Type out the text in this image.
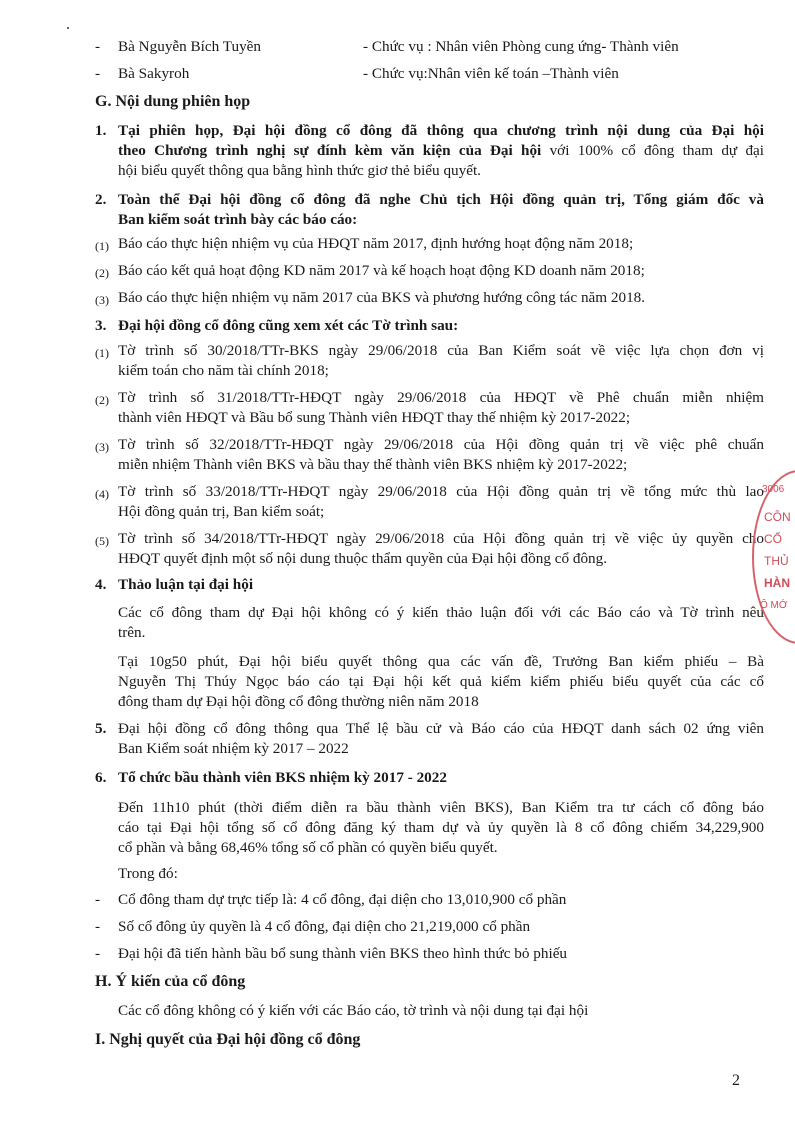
- Bà Nguyễn Bích Tuyền	- Chức vụ : Nhân viên Phòng cung ứng- Thành viên
- Bà Sakyroh	- Chức vụ:Nhân viên kế toán –Thành viên
G. Nội dung phiên họp
1. Tại phiên họp, Đại hội đồng cổ đông đã thông qua chương trình nội dung của Đại hội
theo Chương trình nghị sự đính kèm văn kiện của Đại hội với 100% cổ đông tham dự đại
hội biểu quyết thông qua bằng hình thức giơ thẻ biểu quyết.
2. Toàn thể Đại hội đồng cổ đông đã nghe Chủ tịch Hội đồng quản trị, Tổng giám đốc và
Ban kiểm soát trình bày các báo cáo:
(1) Báo cáo thực hiện nhiệm vụ của HĐQT năm 2017, định hướng hoạt động năm 2018;
(2) Báo cáo kết quả hoạt động KD năm 2017 và kế hoạch hoạt động KD doanh năm 2018;
(3) Báo cáo thực hiện nhiệm vụ năm 2017 của BKS và phương hướng công tác năm 2018.
3. Đại hội đồng cổ đông cũng xem xét các Tờ trình sau:
(1) Tờ trình số 30/2018/TTr-BKS ngày 29/06/2018 của Ban Kiểm soát về việc lựa chọn đơn vị
kiểm toán cho năm tài chính 2018;
(2) Tờ trình số 31/2018/TTr-HĐQT ngày 29/06/2018 của HĐQT về Phê chuẩn miễn nhiệm
thành viên HĐQT và Bầu bổ sung Thành viên HĐQT thay thế nhiệm kỳ 2017-2022;
(3) Tờ trình số 32/2018/TTr-HĐQT ngày 29/06/2018 của Hội đồng quản trị về việc phê chuẩn
miễn nhiệm Thành viên BKS và bầu thay thế thành viên BKS nhiệm kỳ 2017-2022;
(4) Tờ trình số 33/2018/TTr-HĐQT ngày 29/06/2018 của Hội đồng quản trị về tổng mức thù lao
Hội đồng quản trị, Ban kiểm soát;
(5) Tờ trình số 34/2018/TTr-HĐQT ngày 29/06/2018 của Hội đồng quản trị về việc ủy quyền cho
HĐQT quyết định một số nội dung thuộc thẩm quyền của Đại hội đồng cổ đông.
4. Thảo luận tại đại hội
Các cổ đông tham dự Đại hội không có ý kiến thảo luận đối với các Báo cáo và Tờ trình nêu
trên.
Tại 10g50 phút, Đại hội biểu quyết thông qua các vấn đề, Trưởng Ban kiểm phiếu – Bà
Nguyễn Thị Thúy Ngọc báo cáo tại Đại hội kết quả kiểm kiểm phiếu biểu quyết của các cổ
đông tham dự Đại hội đồng cổ đông thường niên năm 2018
5. Đại hội đồng cổ đông thông qua Thể lệ bầu cử và Báo cáo của HĐQT danh sách 02 ứng viên
Ban Kiểm soát nhiệm kỳ 2017 – 2022
6. Tổ chức bầu thành viên BKS nhiệm kỳ 2017 - 2022
Đến 11h10 phút (thời điểm diễn ra bầu thành viên BKS), Ban Kiểm tra tư cách cổ đông báo
cáo tại Đại hội tổng số cổ đông đăng ký tham dự và ủy quyền là 8 cổ đông chiếm 34,229,900
cổ phần và bằng 68,46% tổng số cổ phần có quyền biểu quyết.
Trong đó:
- Cổ đông tham dự trực tiếp là: 4 cổ đông, đại diện cho 13,010,900 cổ phần
- Số cổ đông ủy quyền là 4 cổ đông, đại diện cho 21,219,000 cổ phần
- Đại hội đã tiến hành bầu bổ sung thành viên BKS theo hình thức bỏ phiếu
H. Ý kiến của cổ đông
Các cổ đông không có ý kiến với các Báo cáo, tờ trình và nội dung tại đại hội
I. Nghị quyết của Đại hội đồng cổ đông
3006
CÔN
CỔ
THỦ
HÀN
Ô MỚ
2
